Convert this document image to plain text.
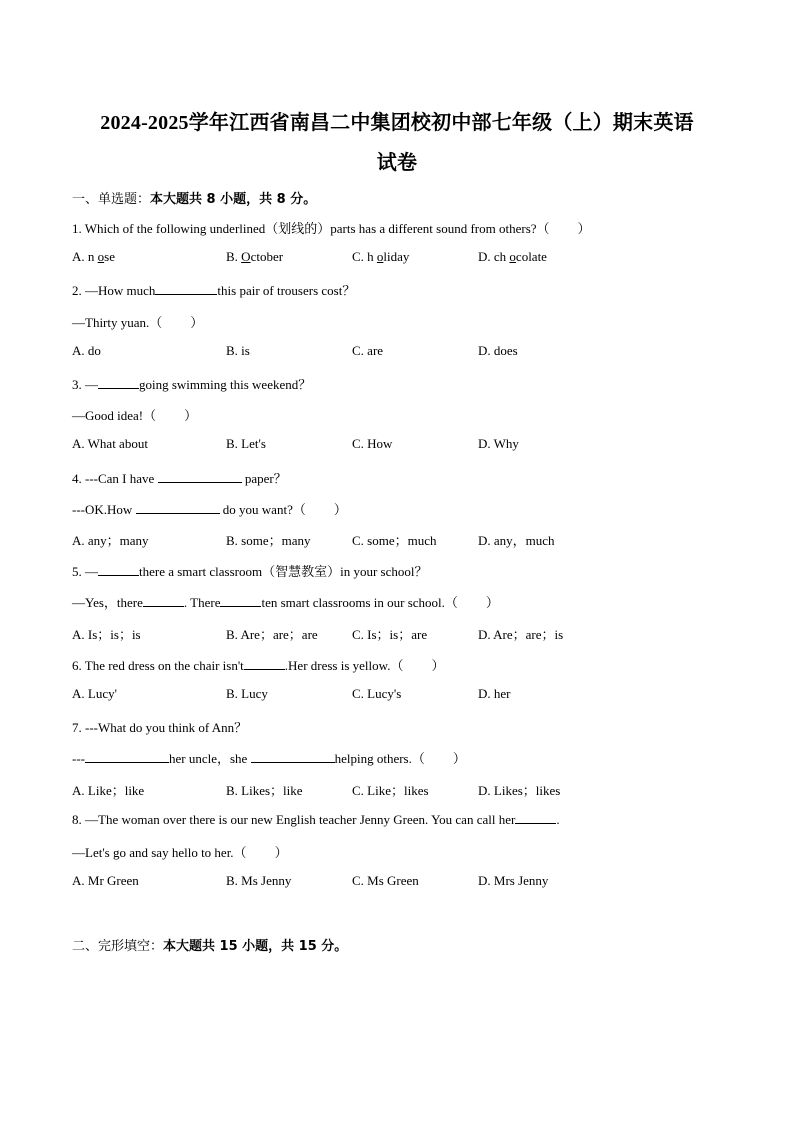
2024-2025学年江西省南昌二中集团校初中部七年级（上）期末英语
试卷
一、单选题：本大题共 8 小题，共 8 分。
1. Which of the following underlined（划线的）parts has a different sound from others?（ ）
A. n ose	B. October	C. h oliday	D. ch ocolate
2. —How much	this pair of trousers cost？
—Thirty yuan.（ ）
A. do	B. is	C. are	D. does
3. —	going swimming this weekend？
—Good idea!（ ）
A. What about	B. Let's	C. How	D. Why
4. ---Can I have	paper？
---OK.How	do you want?（ ）
A. any；many	B. some；many	C. some；much	D. any，much
5. —	there a smart classroom（智慧教室）in your school？
—Yes，there	. There	ten smart classrooms in our school.（ ）
A. Is；is；is	B. Are；are；are	C. Is；is；are	D. Are；are；is
6. The red dress on the chair isn't	.Her dress is yellow.（ ）
A. Lucy'	B. Lucy	C. Lucy's	D. her
7. ---What do you think of Ann？
---	her uncle，she	helping others.（ ）
A. Like；like	B. Likes；like	C. Like；likes	D. Likes；likes
8. —The woman over there is our new English teacher Jenny Green. You can call her	.
—Let's go and say hello to her.（ ）
A. Mr Green	B. Ms Jenny	C. Ms Green	D. Mrs Jenny
二、完形填空：本大题共 15 小题，共 15 分。
